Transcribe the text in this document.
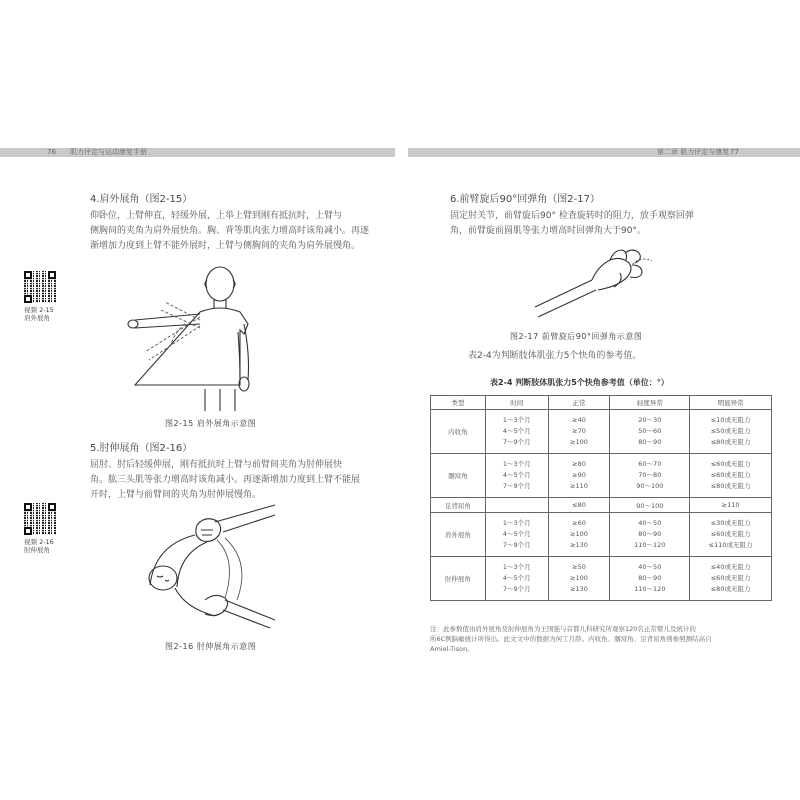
76 肌力评定与运动康复手册	第二章 肌力评定与康复 77
4.肩外展角（图2-15）
仰卧位，上臂伸直，轻缓外展，上举上臂到刚有抵抗时，上臂与
侧胸间的夹角为肩外展快角。胸、背等肌肉张力增高时该角减小。再逐
渐增加力度到上臂不能外展时，上臂与侧胸间的夹角为肩外展慢角。
视频 2-15
肩外展角
图2-15 肩外展角示意图
5.肘伸展角（图2-16）
屈肘、肘后轻缓伸展，刚有抵抗时上臂与前臂间夹角为肘伸展快
角。肱三头肌等张力增高时该角减小。再逐渐增加力度到上臂不能展
开时，上臂与前臂间的夹角为肘伸展慢角。
视频 2-16
肘伸展角
图2-16 肘伸展角示意图
6.前臂旋后90°回弹角（图2-17）
固定肘关节，前臂旋后90° 检查旋转时的阻力，放手观察回弹
角，前臂旋前圆肌等张力增高时回弹角大于90°。
图2-17 前臂旋后90°回弹角示意图
表2-4为判断肢体肌张力5个快角的参考值。
表2-4 判断肢体肌张力5个快角参考值（单位：°）
类型	时间	正常	轻度异常	明显异常
内收角	1～3个月
4～5个月
7～9个月	≥40
≥70
≥100	20～30
50～60
80～90	≤10或无阻力
≤50或无阻力
≤80或无阻力

腘窝角	1～3个月
4～5个月
7～9个月	≥80
≥90
≥110	60～70
70～80
90～100	≤60或无阻力
≤60或无阻力
≤80或无阻力

足背屈角		≤80	90～100	≥110
肩外展角	1～3个月
4～5个月
7～9个月	≥60
≥100
≥130	40～50
80～90
110～120	≤30或无阻力
≤60或无阻力
≤110或无阻力

肘伸展角	1～3个月
4～5个月
7～9个月	≥50
≥100
≥130	40～50
80～90
110～120	≤40或无阻力
≤60或无阻力
≤80或无阻力
注：此参数值由肩外展角及肘伸展角为王国强与首都儿科研究所观察120名正常婴儿及统计的
所6C例脑瘫统计所得出。此文文中的数据为何工月龄。内收角、腘窝角、足背屈角则参照测结高自
Amiel-Tison。
